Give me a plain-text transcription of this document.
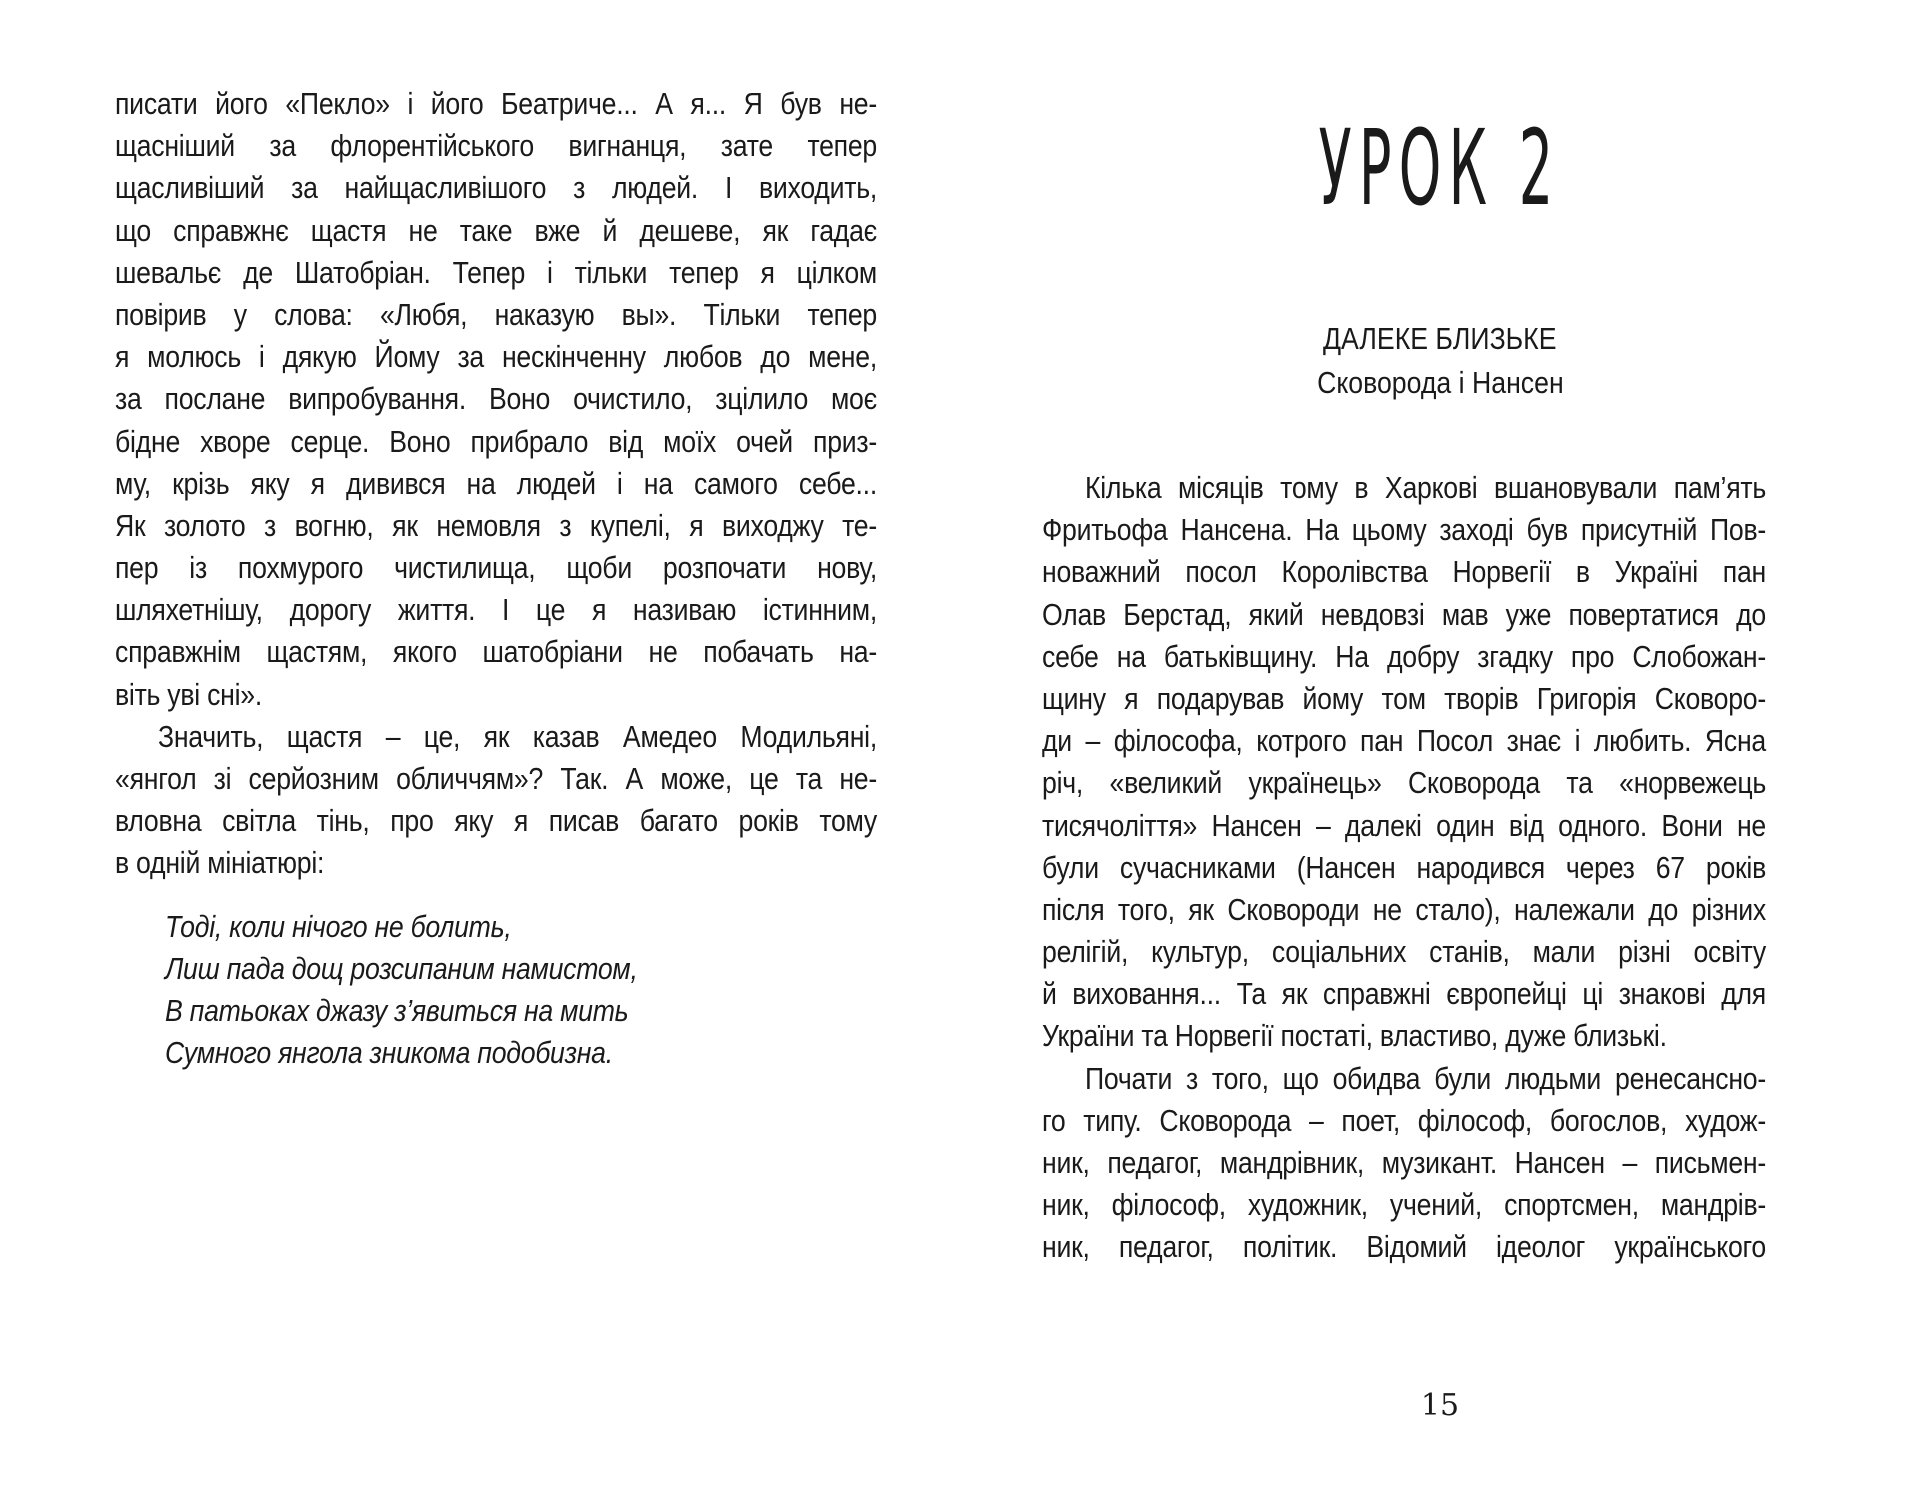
писати його «Пекло» і його Беатриче... А я... Я був не-
щасніший за флорентійського вигнанця, зате тепер
щасливіший за найщасливішого з людей. І виходить,
що справжнє щастя не таке вже й дешеве, як гадає
шевальє де Шатобріан. Тепер і тільки тепер я цілком
повірив у слова: «Любя, наказую вы». Тільки тепер
я молюсь і дякую Йому за нескінченну любов до мене,
за послане випробування. Воно очистило, зцілило моє
бідне хворе серце. Воно прибрало від моїх очей приз-
му, крізь яку я дивився на людей і на самого себе...
Як золото з вогню, як немовля з купелі, я виходжу те-
пер із похмурого чистилища, щоби розпочати нову,
шляхетнішу, дорогу життя. І це я називаю істинним,
справжнім щастям, якого шатобріани не побачать на-
віть уві сні».
Значить, щастя – це, як казав Амедео Модильяні,
«янгол зі серйозним обличчям»? Так. А може, це та не-
вловна світла тінь, про яку я писав багато років тому
в одній мініатюрі:
Тоді, коли нічого не болить,
Лиш пада дощ розсипаним намистом,
В патьоках джазу з’явиться на мить
Сумного янгола зникома подобизна.
УРОК 2
ДАЛЕКЕ БЛИЗЬКЕ
Сковорода і Нансен
Кілька місяців тому в Харкові вшановували пам’ять
Фритьофа Нансена. На цьому заході був присутній Пов-
новажний посол Королівства Норвегії в Україні пан
Олав Берстад, який невдовзі мав уже повертатися до
себе на батьківщину. На добру згадку про Слобожан-
щину я подарував йому том творів Григорія Сковоро-
ди – філософа, котрого пан Посол знає і любить. Ясна
річ, «великий українець» Сковорода та «норвежець
тисячоліття» Нансен – далекі один від одного. Вони не
були сучасниками (Нансен народився через 67 років
після того, як Сковороди не стало), належали до різних
релігій, культур, соціальних станів, мали різні освіту
й виховання... Та як справжні європейці ці знакові для
України та Норвегії постаті, властиво, дуже близькі.
Почати з того, що обидва були людьми ренесансно-
го типу. Сковорода – поет, філософ, богослов, худож-
ник, педагог, мандрівник, музикант. Нансен – письмен-
ник, філософ, художник, учений, спортсмен, мандрів-
ник, педагог, політик. Відомий ідеолог українського
15
